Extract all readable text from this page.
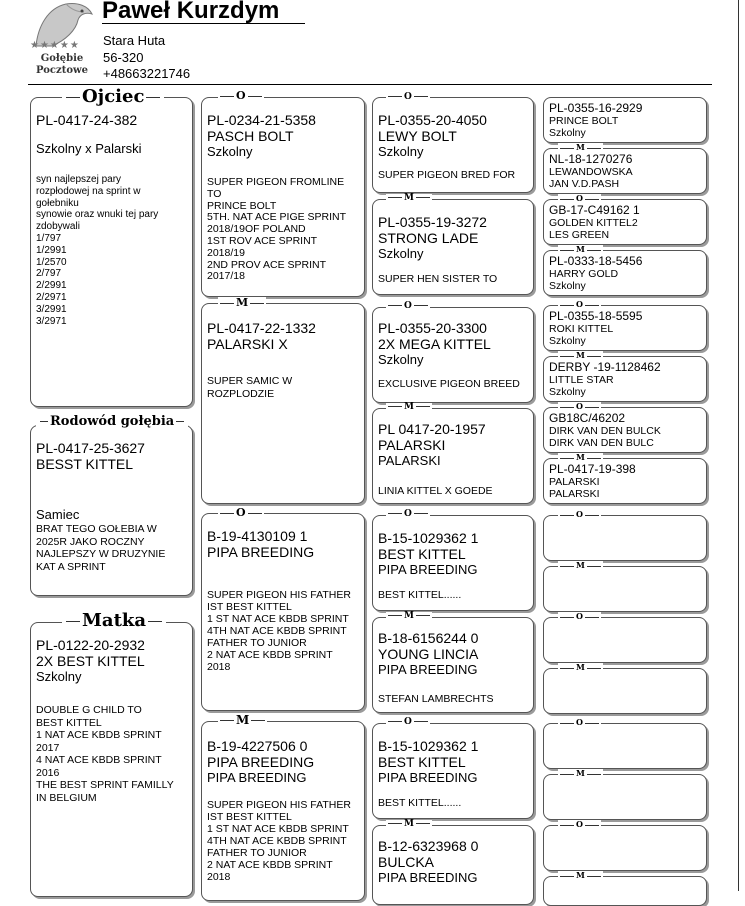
★★★★★
Gołębie
Pocztowe
Paweł Kurzdym
Stara Huta
56-320
+48663221746
PL-0417-24-382
Szkolny x Palarski
syn najlepszej pary
rozpłodowej na sprint w
gołebniku
synowie oraz wnuki tej pary
zdobywali
1/797
1/2991
1/2570
2/797
2/2991
2/2971
3/2991
3/2971
Ojciec
PL-0417-25-3627
BESST KITTEL
Samiec
BRAT TEGO GOŁEBIA W
2025R JAKO ROCZNY
NAJLEPSZY W DRUZYNIE
KAT A SPRINT
Rodowód gołębia
PL-0122-20-2932
2X BEST KITTEL
Szkolny
DOUBLE G CHILD TO
BEST KITTEL
1 NAT ACE KBDB SPRINT
2017
4 NAT ACE KBDB SPRINT
2016
THE BEST SPRINT FAMILLY
IN BELGIUM
Matka
PL-0234-21-5358
PASCH BOLT
Szkolny
SUPER PIGEON FROMLINE
TO
PRINCE BOLT
5TH. NAT ACE PIGE SPRINT
2018/19OF POLAND
1ST ROV ACE SPRINT
2018/19
2ND PROV ACE SPRINT
2017/18
O
PL-0417-22-1332
PALARSKI X
SUPER SAMIC W
ROZPLODZIE
M
B-19-4130109 1
PIPA BREEDING
SUPER PIGEON HIS FATHER
IST BEST KITTEL
1 ST NAT ACE KBDB SPRINT
4TH NAT ACE KBDB SPRINT
FATHER TO JUNIOR
2 NAT ACE KBDB SPRINT
2018
O
B-19-4227506 0
PIPA BREEDING
PIPA BREEDING
SUPER PIGEON HIS FATHER
IST BEST KITTEL
1 ST NAT ACE KBDB SPRINT
4TH NAT ACE KBDB SPRINT
FATHER TO JUNIOR
2 NAT ACE KBDB SPRINT
2018
M
PL-0355-20-4050
LEWY BOLT
Szkolny
SUPER PIGEON BRED FOR
O
PL-0355-19-3272
STRONG LADE
Szkolny
SUPER HEN SISTER TO
M
PL-0355-20-3300
2X MEGA KITTEL
Szkolny
EXCLUSIVE PIGEON BREED
O
PL 0417-20-1957
PALARSKI
PALARSKI
LINIA KITTEL X GOEDE
M
B-15-1029362 1
BEST KITTEL
PIPA BREEDING
BEST KITTEL......
O
B-18-6156244 0
YOUNG LINCIA
PIPA BREEDING
STEFAN LAMBRECHTS
M
B-15-1029362 1
BEST KITTEL
PIPA BREEDING
BEST KITTEL......
O
B-12-6323968 0
BULCKA
PIPA BREEDING
M
PL-0355-16-2929
PRINCE BOLT
Szkolny
NL-18-1270276
LEWANDOWSKA
JAN V.D.PASH
M
GB-17-C49162 1
GOLDEN KITTEL2
LES GREEN
O
PL-0333-18-5456
HARRY GOLD
Szkolny
M
PL-0355-18-5595
ROKI KITTEL
Szkolny
O
DERBY -19-1128462
LITTLE STAR
Szkolny
M
GB18C/46202
DIRK VAN DEN BULCK
DIRK VAN DEN BULC
O
PL-0417-19-398
PALARSKI
PALARSKI
M
O
M
O
M
O
M
O
M
